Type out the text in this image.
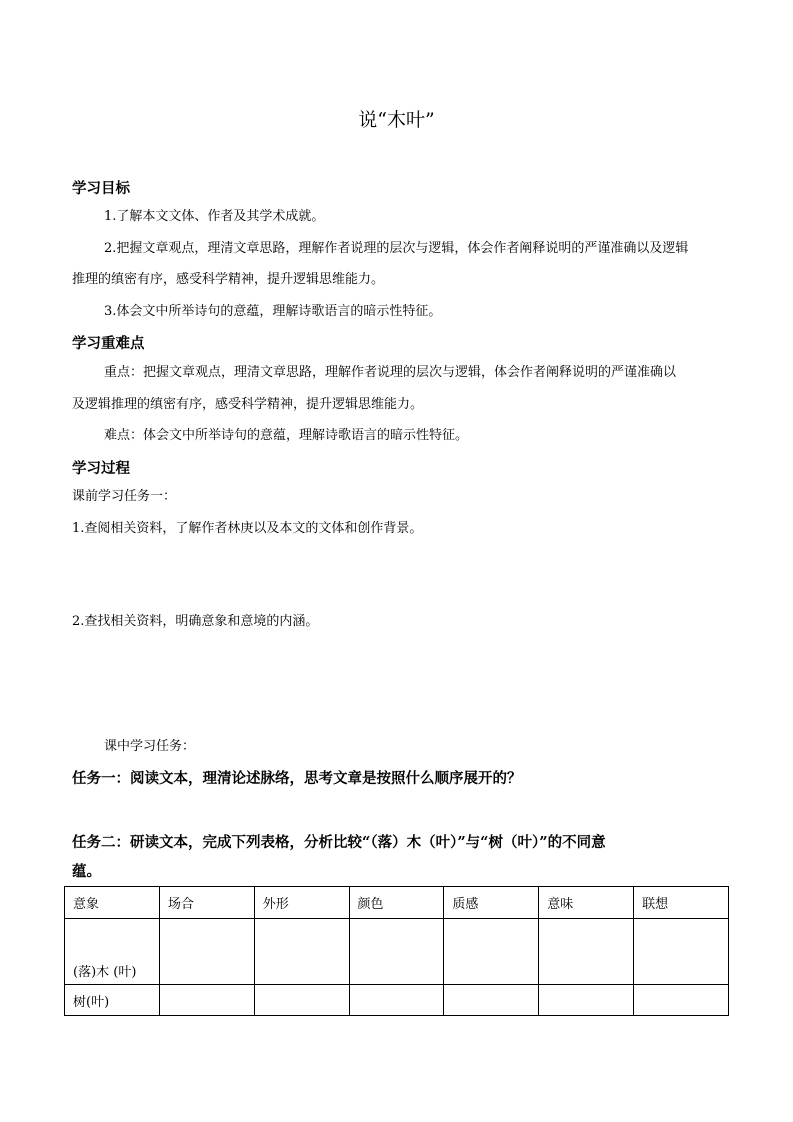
说“木叶”
学习目标
1.了解本文文体、作者及其学术成就。
2.把握文章观点，理清文章思路，理解作者说理的层次与逻辑，体会作者阐释说明的严谨准确以及逻辑
推理的缜密有序，感受科学精神，提升逻辑思维能力。
3.体会文中所举诗句的意蕴，理解诗歌语言的暗示性特征。
学习重难点
重点：把握文章观点，理清文章思路，理解作者说理的层次与逻辑，体会作者阐释说明的严谨准确以
及逻辑推理的缜密有序，感受科学精神，提升逻辑思维能力。
难点：体会文中所举诗句的意蕴，理解诗歌语言的暗示性特征。
学习过程
课前学习任务一：
1.查阅相关资料，了解作者林庚以及本文的文体和创作背景。
2.查找相关资料，明确意象和意境的内涵。
课中学习任务：
任务一：阅读文本，理清论述脉络，思考文章是按照什么顺序展开的？
任务二：研读文本，完成下列表格，分析比较“（落）木（叶）”与“树（叶）”的不同意
蕴。
意象	场合	外形	颜色	质感	意味	联想
(落)木 (叶)						
树(叶)						
